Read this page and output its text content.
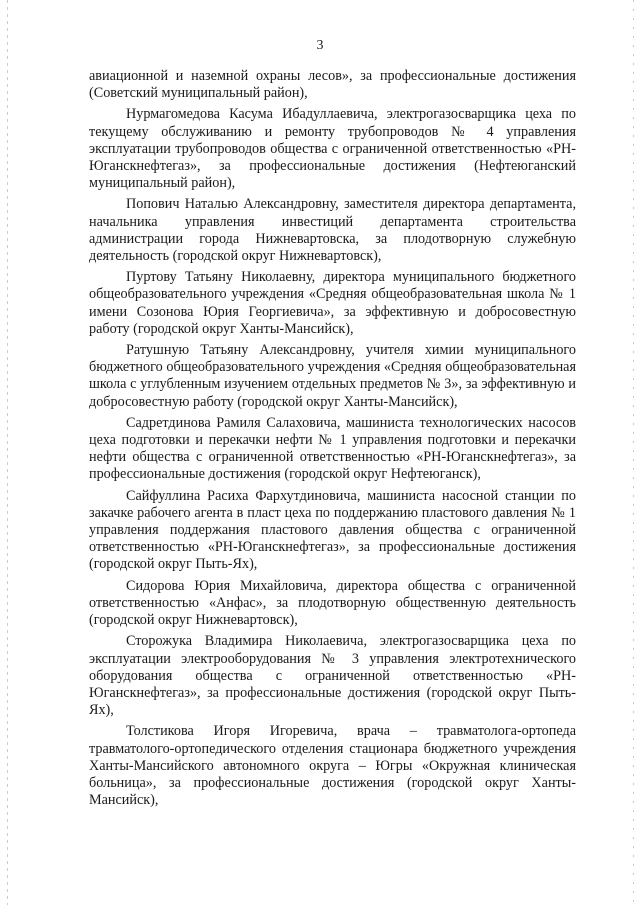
3

авиационной и наземной охраны лесов», за профессиональные достижения (Советский муниципальный район),

Нурмагомедова Касума Ибадуллаевича, электрогазосварщика цеха по текущему обслуживанию и ремонту трубопроводов № 4 управления эксплуатации трубопроводов общества с ограниченной ответственностью «РН-Юганскнефтегаз», за профессиональные достижения (Нефтеюганский муниципальный район),

Попович Наталью Александровну, заместителя директора департамента, начальника управления инвестиций департамента строительства администрации города Нижневартовска, за плодотворную служебную деятельность (городской округ Нижневартовск),

Пуртову Татьяну Николаевну, директора муниципального бюджетного общеобразовательного учреждения «Средняя общеобразовательная школа № 1 имени Созонова Юрия Георгиевича», за эффективную и добросовестную работу (городской округ Ханты-Мансийск),

Ратушную Татьяну Александровну, учителя химии муниципального бюджетного общеобразовательного учреждения «Средняя общеобразовательная школа с углубленным изучением отдельных предметов № 3», за эффективную и добросовестную работу (городской округ Ханты-Мансийск),

Садретдинова Рамиля Салаховича, машиниста технологических насосов цеха подготовки и перекачки нефти № 1 управления подготовки и перекачки нефти общества с ограниченной ответственностью «РН-Юганскнефтегаз», за профессиональные достижения (городской округ Нефтеюганск),

Сайфуллина Расиха Фархутдиновича, машиниста насосной станции по закачке рабочего агента в пласт цеха по поддержанию пластового давления № 1 управления поддержания пластового давления общества с ограниченной ответственностью «РН-Юганскнефтегаз», за профессиональные достижения (городской округ Пыть-Ях),

Сидорова Юрия Михайловича, директора общества с ограниченной ответственностью «Анфас», за плодотворную общественную деятельность (городской округ Нижневартовск),

Сторожука Владимира Николаевича, электрогазосварщика цеха по эксплуатации электрооборудования № 3 управления электротехнического оборудования общества с ограниченной ответственностью «РН-Юганскнефтегаз», за профессиональные достижения (городской округ Пыть-Ях),

Толстикова Игоря Игоревича, врача – травматолога-ортопеда травматолого-ортопедического отделения стационара бюджетного учреждения Ханты-Мансийского автономного округа – Югры «Окружная клиническая больница», за профессиональные достижения (городской округ Ханты-Мансийск),
